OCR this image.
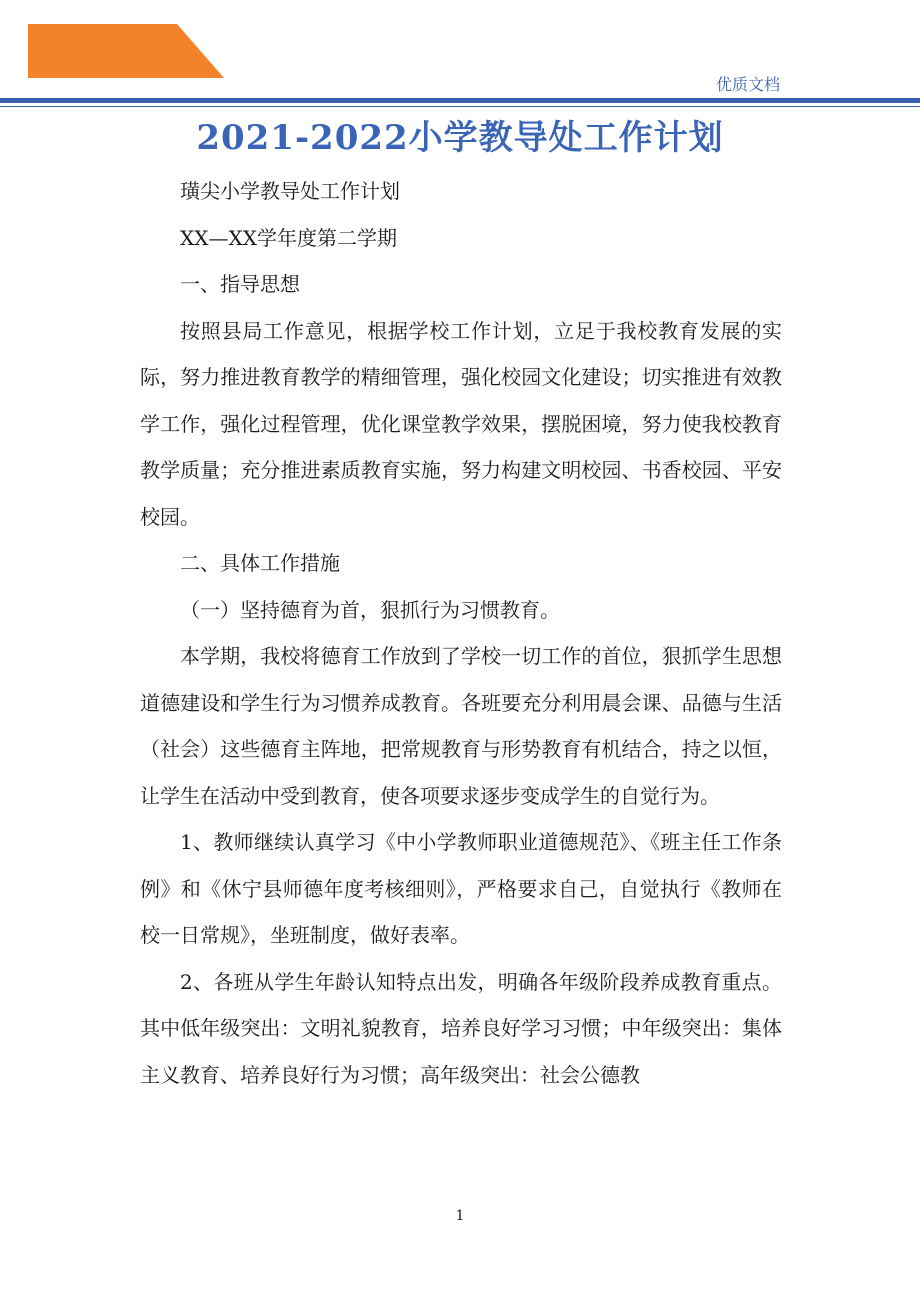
优质文档
2021-2022小学教导处工作计划

璜尖小学教导处工作计划

XX—XX学年度第二学期

一、指导思想

按照县局工作意见，根据学校工作计划，立足于我校教育发展的实际，努力推进教育教学的精细管理，强化校园文化建设；切实推进有效教学工作，强化过程管理，优化课堂教学效果，摆脱困境，努力使我校教育教学质量；充分推进素质教育实施，努力构建文明校园、书香校园、平安校园。

二、具体工作措施

（一）坚持德育为首，狠抓行为习惯教育。

本学期，我校将德育工作放到了学校一切工作的首位，狠抓学生思想道德建设和学生行为习惯养成教育。各班要充分利用晨会课、品德与生活（社会）这些德育主阵地，把常规教育与形势教育有机结合，持之以恒，让学生在活动中受到教育，使各项要求逐步变成学生的自觉行为。

1、教师继续认真学习《中小学教师职业道德规范》、《班主任工作条例》和《休宁县师德年度考核细则》，严格要求自己，自觉执行《教师在校一日常规》，坐班制度，做好表率。

2、各班从学生年龄认知特点出发，明确各年级阶段养成教育重点。其中低年级突出：文明礼貌教育，培养良好学习习惯；中年级突出：集体主义教育、培养良好行为习惯；高年级突出：社会公德教

1
